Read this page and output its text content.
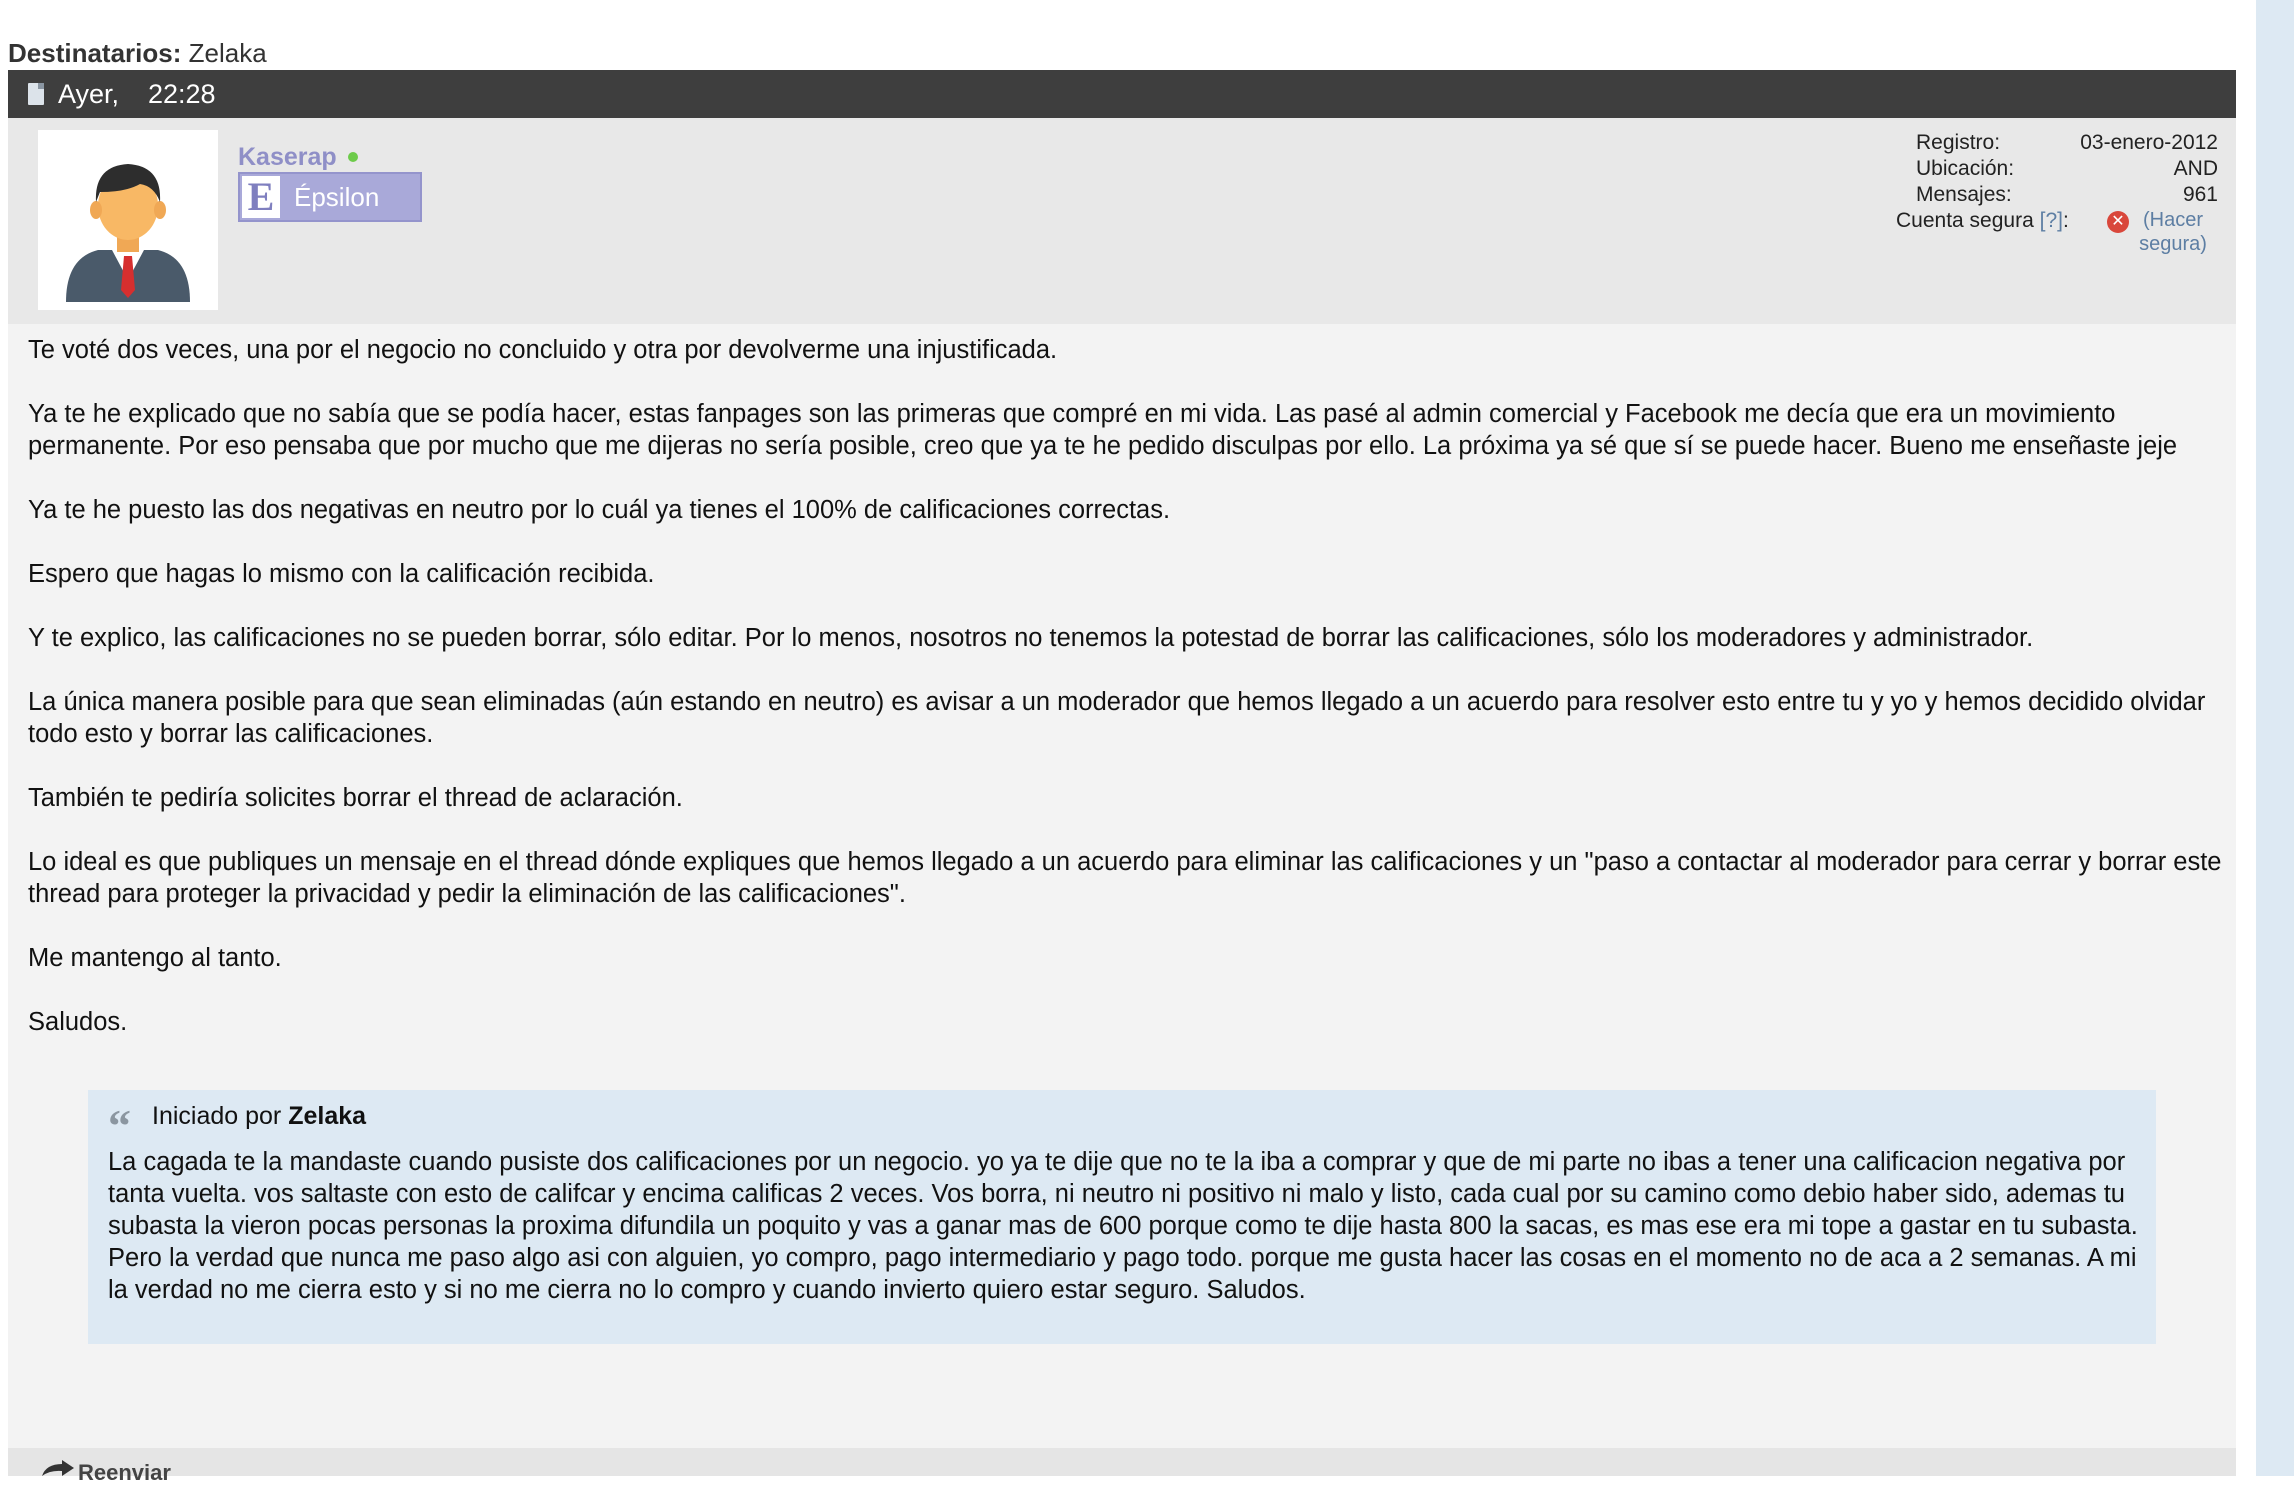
Destinatarios: Zelaka
Ayer, 22:28
Kaserap
E Épsilon
Registro:	03-enero-2012
Ubicación:	AND
Mensajes:	961
Cuenta segura [?]:	✕ (Hacer
segura)

Te voté dos veces, una por el negocio no concluido y otra por devolverme una injustificada.

Ya te he explicado que no sabía que se podía hacer, estas fanpages son las primeras que compré en mi vida. Las pasé al admin comercial y Facebook me decía que era un movimiento permanente. Por eso pensaba que por mucho que me dijeras no sería posible, creo que ya te he pedido disculpas por ello. La próxima ya sé que sí se puede hacer. Bueno me enseñaste jeje

Ya te he puesto las dos negativas en neutro por lo cuál ya tienes el 100% de calificaciones correctas.

Espero que hagas lo mismo con la calificación recibida.

Y te explico, las calificaciones no se pueden borrar, sólo editar. Por lo menos, nosotros no tenemos la potestad de borrar las calificaciones, sólo los moderadores y administrador.

La única manera posible para que sean eliminadas (aún estando en neutro) es avisar a un moderador que hemos llegado a un acuerdo para resolver esto entre tu y yo y hemos decidido olvidar todo esto y borrar las calificaciones.

También te pediría solicites borrar el thread de aclaración.

Lo ideal es que publiques un mensaje en el thread dónde expliques que hemos llegado a un acuerdo para eliminar las calificaciones y un "paso a contactar al moderador para cerrar y borrar este thread para proteger la privacidad y pedir la eliminación de las calificaciones".

Me mantengo al tanto.

Saludos.

“ Iniciado por Zelaka
La cagada te la mandaste cuando pusiste dos calificaciones por un negocio. yo ya te dije que no te la iba a comprar y que de mi parte no ibas a tener una calificacion negativa por tanta vuelta. vos saltaste con esto de califcar y encima calificas 2 veces. Vos borra, ni neutro ni positivo ni malo y listo, cada cual por su camino como debio haber sido, ademas tu subasta la vieron pocas personas la proxima difundila un poquito y vas a ganar mas de 600 porque como te dije hasta 800 la sacas, es mas ese era mi tope a gastar en tu subasta. Pero la verdad que nunca me paso algo asi con alguien, yo compro, pago intermediario y pago todo. porque me gusta hacer las cosas en el momento no de aca a 2 semanas. A mi la verdad no me cierra esto y si no me cierra no lo compro y cuando invierto quiero estar seguro. Saludos.
Reenviar
